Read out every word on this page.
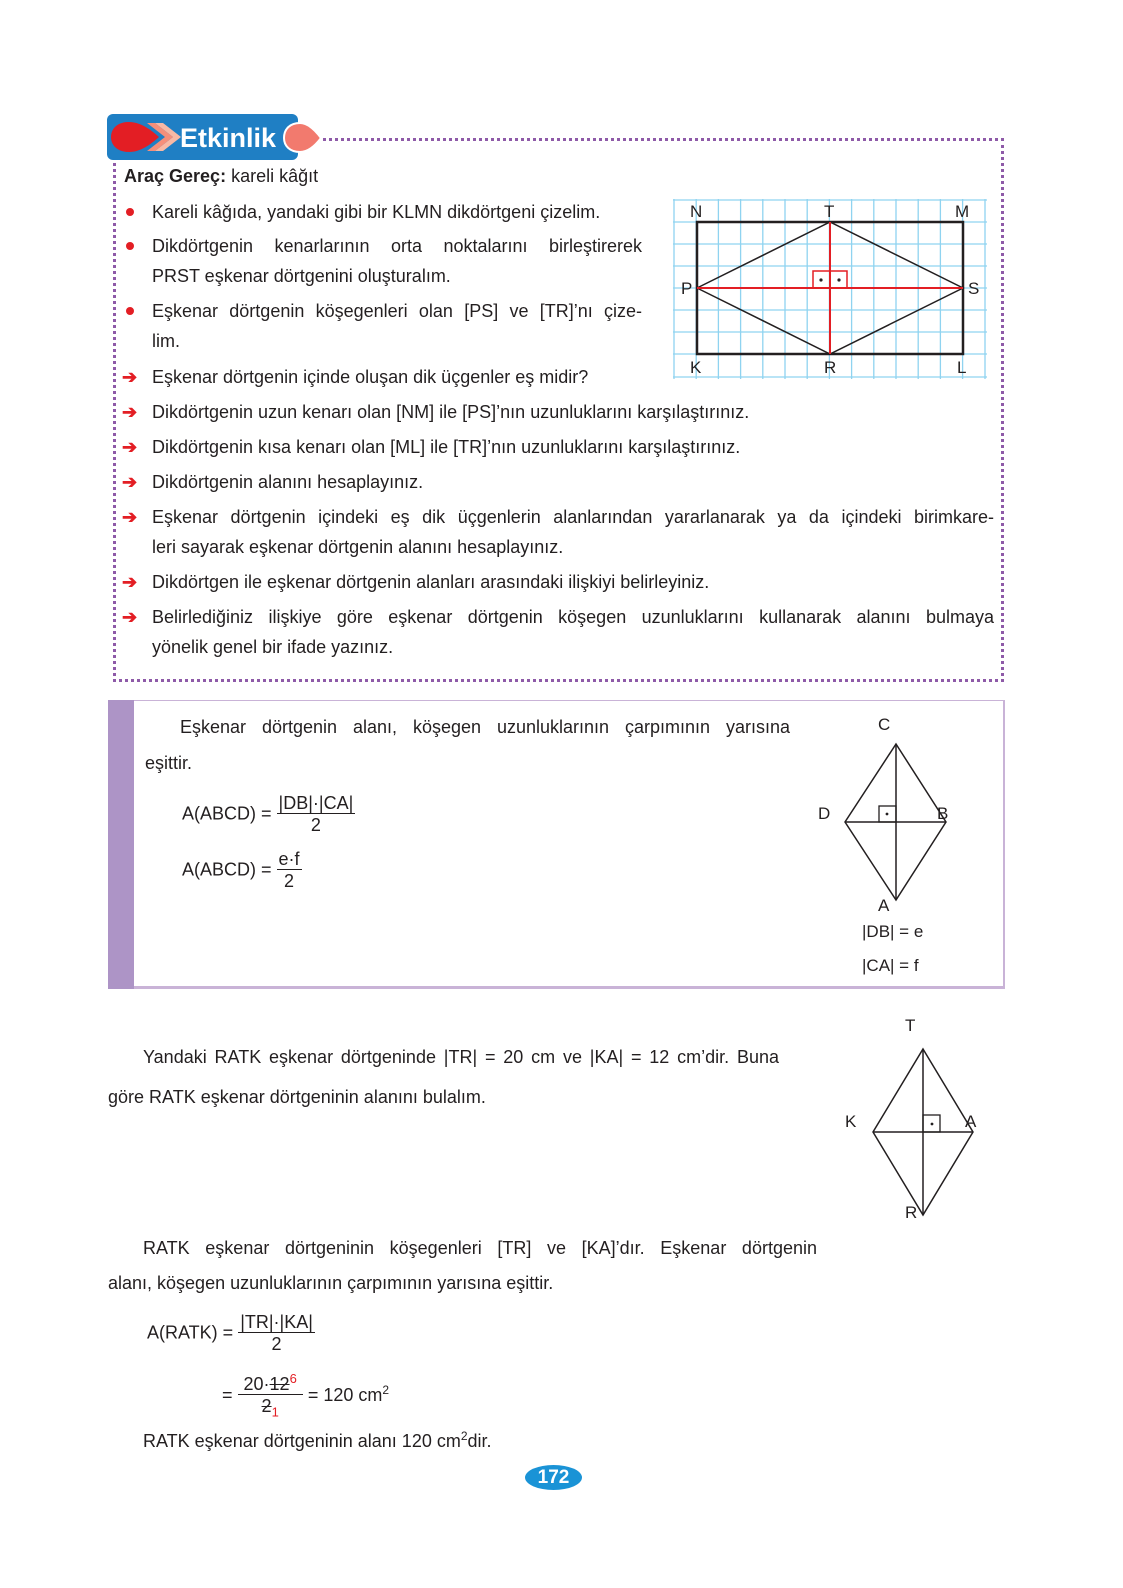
Etkinlik
Araç Gereç: kareli kâğıt
Kareli kâğıda, yandaki gibi bir KLMN dikdörtgeni çizelim.
Dikdörtgenin kenarlarının orta noktalarını birleştirerek
PRST eşkenar dörtgenini oluşturalım.
Eşkenar dörtgenin köşegenleri olan [PS] ve [TR]’nı çize-
lim.
➔ Eşkenar dörtgenin içinde oluşan dik üçgenler eş midir?
➔ Dikdörtgenin uzun kenarı olan [NM] ile [PS]’nın uzunluklarını karşılaştırınız.
➔ Dikdörtgenin kısa kenarı olan [ML] ile [TR]’nın uzunluklarını karşılaştırınız.
➔ Dikdörtgenin alanını hesaplayınız.
➔ Eşkenar dörtgenin içindeki eş dik üçgenlerin alanlarından yararlanarak ya da içindeki birimkare-
leri sayarak eşkenar dörtgenin alanını hesaplayınız.
➔ Dikdörtgen ile eşkenar dörtgenin alanları arasındaki ilişkiyi belirleyiniz.
➔ Belirlediğiniz ilişkiye göre eşkenar dörtgenin köşegen uzunluklarını kullanarak alanını bulmaya
yönelik genel bir ifade yazınız.
N	T	M
P	S
K	R	L
Eşkenar dörtgenin alanı, köşegen uzunluklarının çarpımının yarısına
eşittir.
A(ABCD) = $\frac{|DB|\cdot|CA|}{2}$
A(ABCD) = $\frac{e\cdot f}{2}$
C
D	B
A
|DB| = e
|CA| = f
Yandaki RATK eşkenar dörtgeninde |TR| = 20 cm ve |KA| = 12 cm’dir. Buna
göre RATK eşkenar dörtgeninin alanını bulalım.
T
K	A
R
RATK eşkenar dörtgeninin köşegenleri [TR] ve [KA]’dır. Eşkenar dörtgenin
alanı, köşegen uzunluklarının çarpımının yarısına eşittir.
A(RATK) = $\frac{|TR|\cdot|KA|}{2}$
= $\frac{20\cdot 12^6}{2_1} = 120$ $cm^2$
RATK eşkenar dörtgeninin alanı 120 $cm^2dir$.
172
